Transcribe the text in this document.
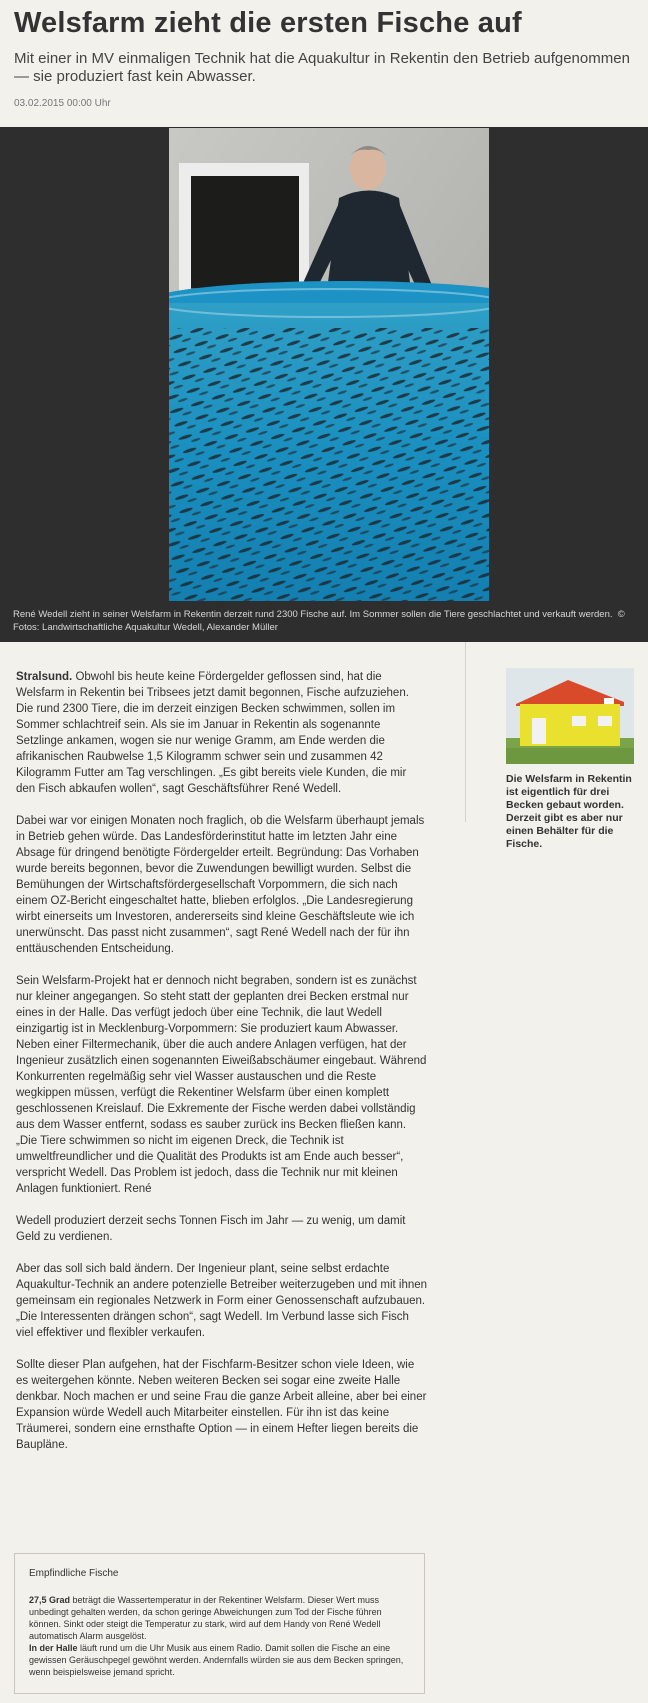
Welsfarm zieht die ersten Fische auf

Mit einer in MV einmaligen Technik hat die Aquakultur in Rekentin den Betrieb aufgenommen — sie produziert fast kein Abwasser.

03.02.2015 00:00 Uhr
René Wedell zieht in seiner Welsfarm in Rekentin derzeit rund 2300 Fische auf. Im Sommer sollen die Tiere geschlachtet und verkauft werden. © Fotos: Landwirtschaftliche Aquakultur Wedell, Alexander Müller

Stralsund. Obwohl bis heute keine Fördergelder geflossen sind, hat die Welsfarm in Rekentin bei Tribsees jetzt damit begonnen, Fische aufzuziehen. Die rund 2300 Tiere, die im derzeit einzigen Becken schwimmen, sollen im Sommer schlachtreif sein. Als sie im Januar in Rekentin als sogenannte Setzlinge ankamen, wogen sie nur wenige Gramm, am Ende werden die afrikanischen Raubwelse 1,5 Kilogramm schwer sein und zusammen 42 Kilogramm Futter am Tag verschlingen. „Es gibt bereits viele Kunden, die mir den Fisch abkaufen wollen“, sagt Geschäftsführer René Wedell.

Dabei war vor einigen Monaten noch fraglich, ob die Welsfarm überhaupt jemals in Betrieb gehen würde. Das Landesförderinstitut hatte im letzten Jahr eine Absage für dringend benötigte Fördergelder erteilt. Begründung: Das Vorhaben wurde bereits begonnen, bevor die Zuwendungen bewilligt wurden. Selbst die Bemühungen der Wirtschaftsfördergesellschaft Vorpommern, die sich nach einem OZ-Bericht eingeschaltet hatte, blieben erfolglos. „Die Landesregierung wirbt einerseits um Investoren, andererseits sind kleine Geschäftsleute wie ich unerwünscht. Das passt nicht zusammen“, sagt René Wedell nach der für ihn enttäuschenden Entscheidung.

Sein Welsfarm-Projekt hat er dennoch nicht begraben, sondern ist es zunächst nur kleiner angegangen. So steht statt der geplanten drei Becken erstmal nur eines in der Halle. Das verfügt jedoch über eine Technik, die laut Wedell einzigartig ist in Mecklenburg-Vorpommern: Sie produziert kaum Abwasser. Neben einer Filtermechanik, über die auch andere Anlagen verfügen, hat der Ingenieur zusätzlich einen sogenannten Eiweißabschäumer eingebaut. Während Konkurrenten regelmäßig sehr viel Wasser austauschen und die Reste wegkippen müssen, verfügt die Rekentiner Welsfarm über einen komplett geschlossenen Kreislauf. Die Exkremente der Fische werden dabei vollständig aus dem Wasser entfernt, sodass es sauber zurück ins Becken fließen kann. „Die Tiere schwimmen so nicht im eigenen Dreck, die Technik ist umweltfreundlicher und die Qualität des Produkts ist am Ende auch besser“, verspricht Wedell. Das Problem ist jedoch, dass die Technik nur mit kleinen Anlagen funktioniert. René

Wedell produziert derzeit sechs Tonnen Fisch im Jahr — zu wenig, um damit Geld zu verdienen.

Aber das soll sich bald ändern. Der Ingenieur plant, seine selbst erdachte Aquakultur-Technik an andere potenzielle Betreiber weiterzugeben und mit ihnen gemeinsam ein regionales Netzwerk in Form einer Genossenschaft aufzubauen. „Die Interessenten drängen schon“, sagt Wedell. Im Verbund lasse sich Fisch viel effektiver und flexibler verkaufen.

Sollte dieser Plan aufgehen, hat der Fischfarm-Besitzer schon viele Ideen, wie es weitergehen könnte. Neben weiteren Becken sei sogar eine zweite Halle denkbar. Noch machen er und seine Frau die ganze Arbeit alleine, aber bei einer Expansion würde Wedell auch Mitarbeiter einstellen. Für ihn ist das keine Träumerei, sondern eine ernsthafte Option — in einem Hefter liegen bereits die Baupläne.

Die Welsfarm in Rekentin ist eigentlich für drei Becken gebaut worden. Derzeit gibt es aber nur einen Behälter für die Fische.
Empfindliche Fische
27,5 Grad beträgt die Wassertemperatur in der Rekentiner Welsfarm. Dieser Wert muss unbedingt gehalten werden, da schon geringe Abweichungen zum Tod der Fische führen können. Sinkt oder steigt die Temperatur zu stark, wird auf dem Handy von René Wedell automatisch Alarm ausgelöst.
In der Halle läuft rund um die Uhr Musik aus einem Radio. Damit sollen die Fische an eine gewissen Geräuschpegel gewöhnt werden. Andernfalls würden sie aus dem Becken springen, wenn beispielsweise jemand spricht.
